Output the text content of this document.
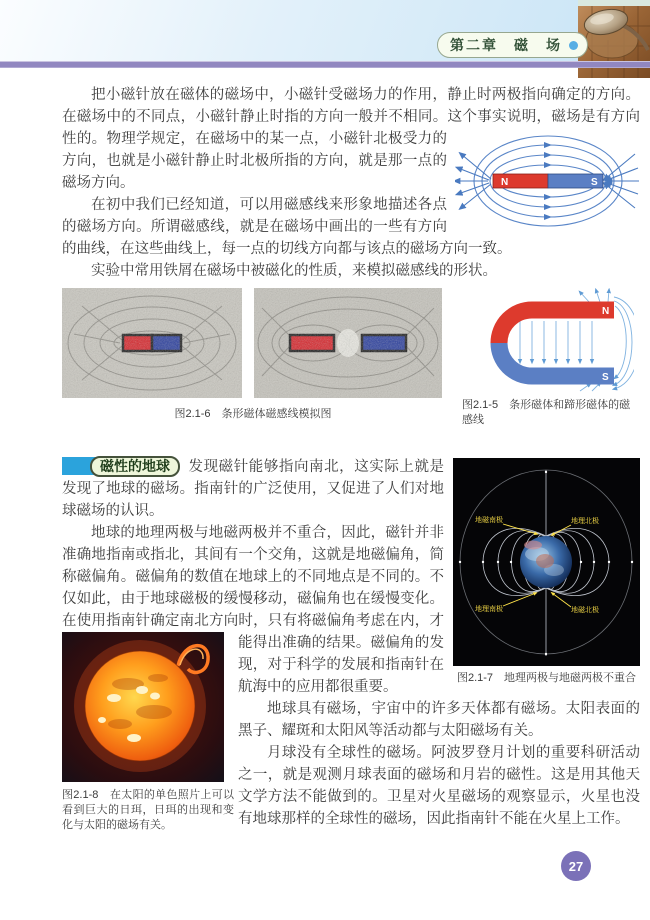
第二章　磁　场
N	S

把小磁针放在磁体的磁场中，小磁针受磁场力的作用，静止时两极指向确定的方向。在磁场中的不同点，小磁针静止时指的方向一般并不相同。这个事实说明，磁场是有方向性的。物理学规定，在磁场中的某一点，小磁针北极受力的方向，也就是小磁针静止时北极所指的方向，就是那一点的磁场方向。

在初中我们已经知道，可以用磁感线来形象地描述各点的磁场方向。所谓磁感线，就是在磁场中画出的一些有方向的曲线，在这些曲线上，每一点的切线方向都与该点的磁场方向一致。

实验中常用铁屑在磁场中被磁化的性质，来模拟磁感线的形状。

图2.1-6　条形磁体磁感线模拟图
N
S
图2.1-5　条形磁体和蹄形磁体的磁感线
地磁南极	地理北极
地理南极	地磁北极
图2.1-7　地理两极与地磁两极不重合
图2.1-8　在太阳的单色照片上可以看到巨大的日珥，日珥的出现和变化与太阳的磁场有关。

磁性的地球	发现磁针能够指向南北，这实际上就是发现了地球的磁场。指南针的广泛使用，又促进了人们对地球磁场的认识。

地球的地理两极与地磁两极并不重合，因此，磁针并非准确地指南或指北，其间有一个交角，这就是地磁偏角，简称磁偏角。磁偏角的数值在地球上的不同地点是不同的。不仅如此，由于地球磁极的缓慢移动，磁偏角也在缓慢变化。在使用指南针确定南北方向时，只有将磁偏角考虑在内，才能得出准确的结果。磁偏角的发现，对于科学的发展和指南针在航海中的应用都很重要。

地球具有磁场，宇宙中的许多天体都有磁场。太阳表面的黑子、耀斑和太阳风等活动都与太阳磁场有关。

月球没有全球性的磁场。阿波罗登月计划的重要科研活动之一，就是观测月球表面的磁场和月岩的磁性。这是用其他天文学方法不能做到的。卫星对火星磁场的观察显示，火星也没有地球那样的全球性的磁场，因此指南针不能在火星上工作。

27
